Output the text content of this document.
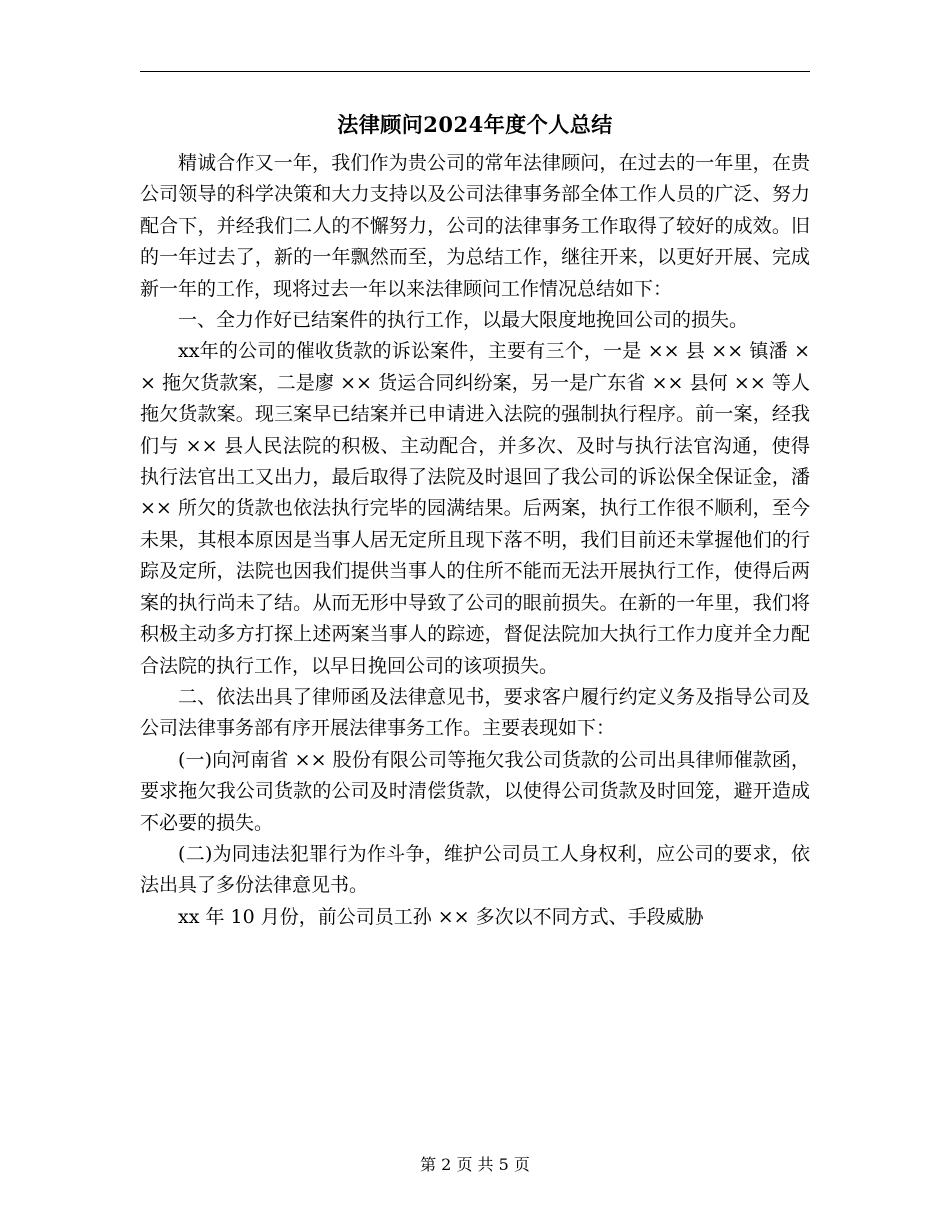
法律顾问2024年度个人总结

精诚合作又一年，我们作为贵公司的常年法律顾问，在过去的一年里，在贵公司领导的科学决策和大力支持以及公司法律事务部全体工作人员的广泛、努力配合下，并经我们二人的不懈努力，公司的法律事务工作取得了较好的成效。旧的一年过去了，新的一年飘然而至，为总结工作，继往开来，以更好开展、完成新一年的工作，现将过去一年以来法律顾问工作情况总结如下：

一、全力作好已结案件的执行工作，以最大限度地挽回公司的损失。

xx年的公司的催收货款的诉讼案件，主要有三个，一是 ×× 县 ×× 镇潘 ×× 拖欠货款案，二是廖 ×× 货运合同纠纷案，另一是广东省 ×× 县何 ×× 等人拖欠货款案。现三案早已结案并已申请进入法院的强制执行程序。前一案，经我们与 ×× 县人民法院的积极、主动配合，并多次、及时与执行法官沟通，使得执行法官出工又出力，最后取得了法院及时退回了我公司的诉讼保全保证金，潘 ×× 所欠的货款也依法执行完毕的园满结果。后两案，执行工作很不顺利，至今未果，其根本原因是当事人居无定所且现下落不明，我们目前还未掌握他们的行踪及定所，法院也因我们提供当事人的住所不能而无法开展执行工作，使得后两案的执行尚未了结。从而无形中导致了公司的眼前损失。在新的一年里，我们将积极主动多方打探上述两案当事人的踪迹，督促法院加大执行工作力度并全力配合法院的执行工作，以早日挽回公司的该项损失。

二、依法出具了律师函及法律意见书，要求客户履行约定义务及指导公司及公司法律事务部有序开展法律事务工作。主要表现如下：

(一)向河南省 ×× 股份有限公司等拖欠我公司货款的公司出具律师催款函，要求拖欠我公司货款的公司及时清偿货款，以使得公司货款及时回笼，避开造成不必要的损失。

(二)为同违法犯罪行为作斗争，维护公司员工人身权利，应公司的要求，依法出具了多份法律意见书。

xx 年 10 月份，前公司员工孙 ×× 多次以不同方式、手段威胁

第 2 页 共 5 页
